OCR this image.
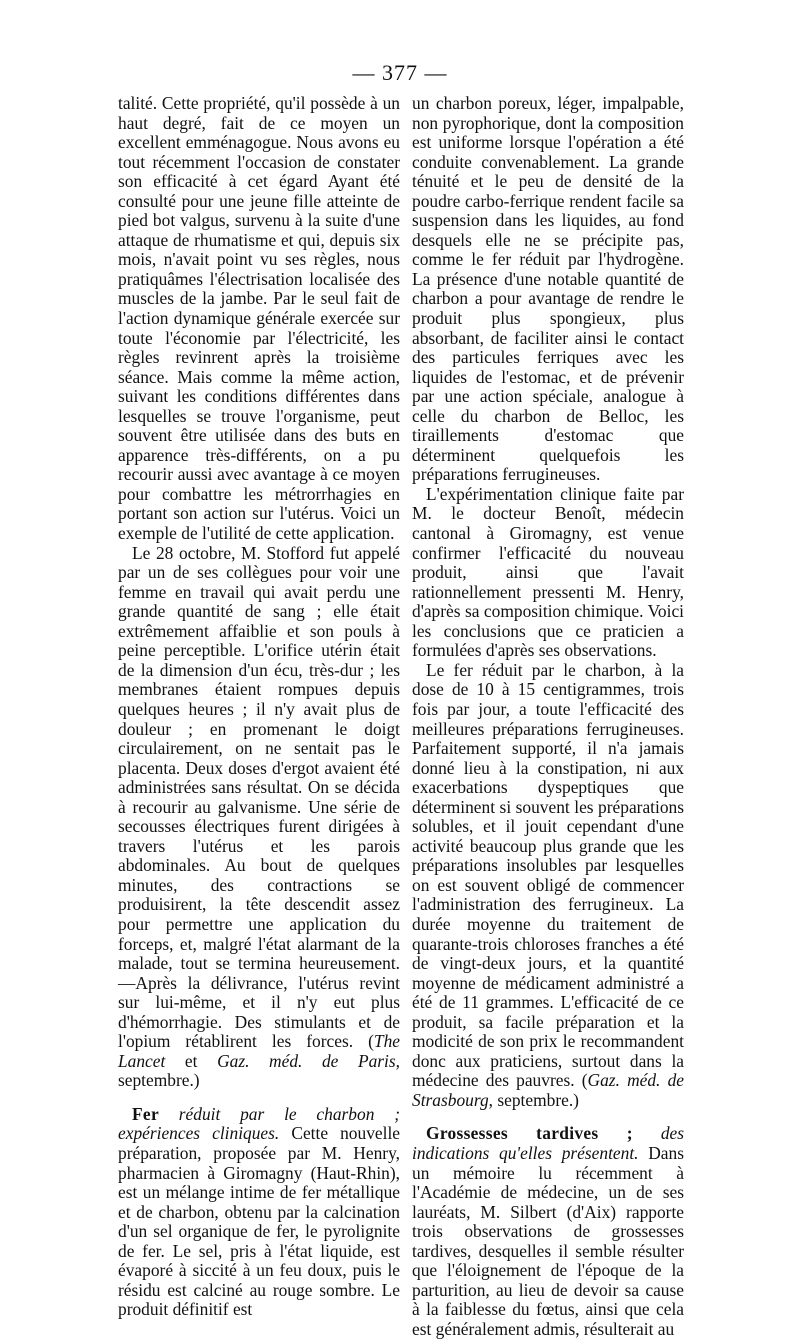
— 377 —

talité. Cette propriété, qu'il possède à un haut degré, fait de ce moyen un excellent emménagogue. Nous avons eu tout récemment l'occasion de constater son efficacité à cet égard Ayant été consulté pour une jeune fille atteinte de pied bot valgus, survenu à la suite d'une attaque de rhumatisme et qui, depuis six mois, n'avait point vu ses règles, nous pratiquâmes l'électrisation localisée des muscles de la jambe. Par le seul fait de l'action dynamique générale exercée sur toute l'économie par l'électricité, les règles revinrent après la troisième séance. Mais comme la même action, suivant les conditions différentes dans lesquelles se trouve l'organisme, peut souvent être utilisée dans des buts en apparence très-différents, on a pu recourir aussi avec avantage à ce moyen pour combattre les métrorrhagies en portant son action sur l'utérus. Voici un exemple de l'utilité de cette application.

Le 28 octobre, M. Stofford fut appelé par un de ses collègues pour voir une femme en travail qui avait perdu une grande quantité de sang ; elle était extrêmement affaiblie et son pouls à peine perceptible. L'orifice utérin était de la dimension d'un écu, très-dur ; les membranes étaient rompues depuis quelques heures ; il n'y avait plus de douleur ; en promenant le doigt circulairement, on ne sentait pas le placenta. Deux doses d'ergot avaient été administrées sans résultat. On se décida à recourir au galvanisme. Une série de secousses électriques furent dirigées à travers l'utérus et les parois abdominales. Au bout de quelques minutes, des contractions se produisirent, la tête descendit assez pour permettre une application du forceps, et, malgré l'état alarmant de la malade, tout se termina heureusement. —Après la délivrance, l'utérus revint sur lui-même, et il n'y eut plus d'hémorrhagie. Des stimulants et de l'opium rétablirent les forces. (The Lancet et Gaz. méd. de Paris, septembre.)

Fer réduit par le charbon ; expériences cliniques. Cette nouvelle préparation, proposée par M. Henry, pharmacien à Giromagny (Haut-Rhin), est un mélange intime de fer métallique et de charbon, obtenu par la calcination d'un sel organique de fer, le pyrolignite de fer. Le sel, pris à l'état liquide, est évaporé à siccité à un feu doux, puis le résidu est calciné au rouge sombre. Le produit définitif est

un charbon poreux, léger, impalpable, non pyrophorique, dont la composition est uniforme lorsque l'opération a été conduite convenablement. La grande ténuité et le peu de densité de la poudre carbo-ferrique rendent facile sa suspension dans les liquides, au fond desquels elle ne se précipite pas, comme le fer réduit par l'hydrogène. La présence d'une notable quantité de charbon a pour avantage de rendre le produit plus spongieux, plus absorbant, de faciliter ainsi le contact des particules ferriques avec les liquides de l'estomac, et de prévenir par une action spéciale, analogue à celle du charbon de Belloc, les tiraillements d'estomac que déterminent quelquefois les préparations ferrugineuses.

L'expérimentation clinique faite par M. le docteur Benoît, médecin cantonal à Giromagny, est venue confirmer l'efficacité du nouveau produit, ainsi que l'avait rationnellement pressenti M. Henry, d'après sa composition chimique. Voici les conclusions que ce praticien a formulées d'après ses observations.

Le fer réduit par le charbon, à la dose de 10 à 15 centigrammes, trois fois par jour, a toute l'efficacité des meilleures préparations ferrugineuses. Parfaitement supporté, il n'a jamais donné lieu à la constipation, ni aux exacerbations dyspeptiques que déterminent si souvent les préparations solubles, et il jouit cependant d'une activité beaucoup plus grande que les préparations insolubles par lesquelles on est souvent obligé de commencer l'administration des ferrugineux. La durée moyenne du traitement de quarante-trois chloroses franches a été de vingt-deux jours, et la quantité moyenne de médicament administré a été de 11 grammes. L'efficacité de ce produit, sa facile préparation et la modicité de son prix le recommandent donc aux praticiens, surtout dans la médecine des pauvres. (Gaz. méd. de Strasbourg, septembre.)

Grossesses tardives ; des indications qu'elles présentent. Dans un mémoire lu récemment à l'Académie de médecine, un de ses lauréats, M. Silbert (d'Aix) rapporte trois observations de grossesses tardives, desquelles il semble résulter que l'éloignement de l'époque de la parturition, au lieu de devoir sa cause à la faiblesse du fœtus, ainsi que cela est généralement admis, résulterait au
